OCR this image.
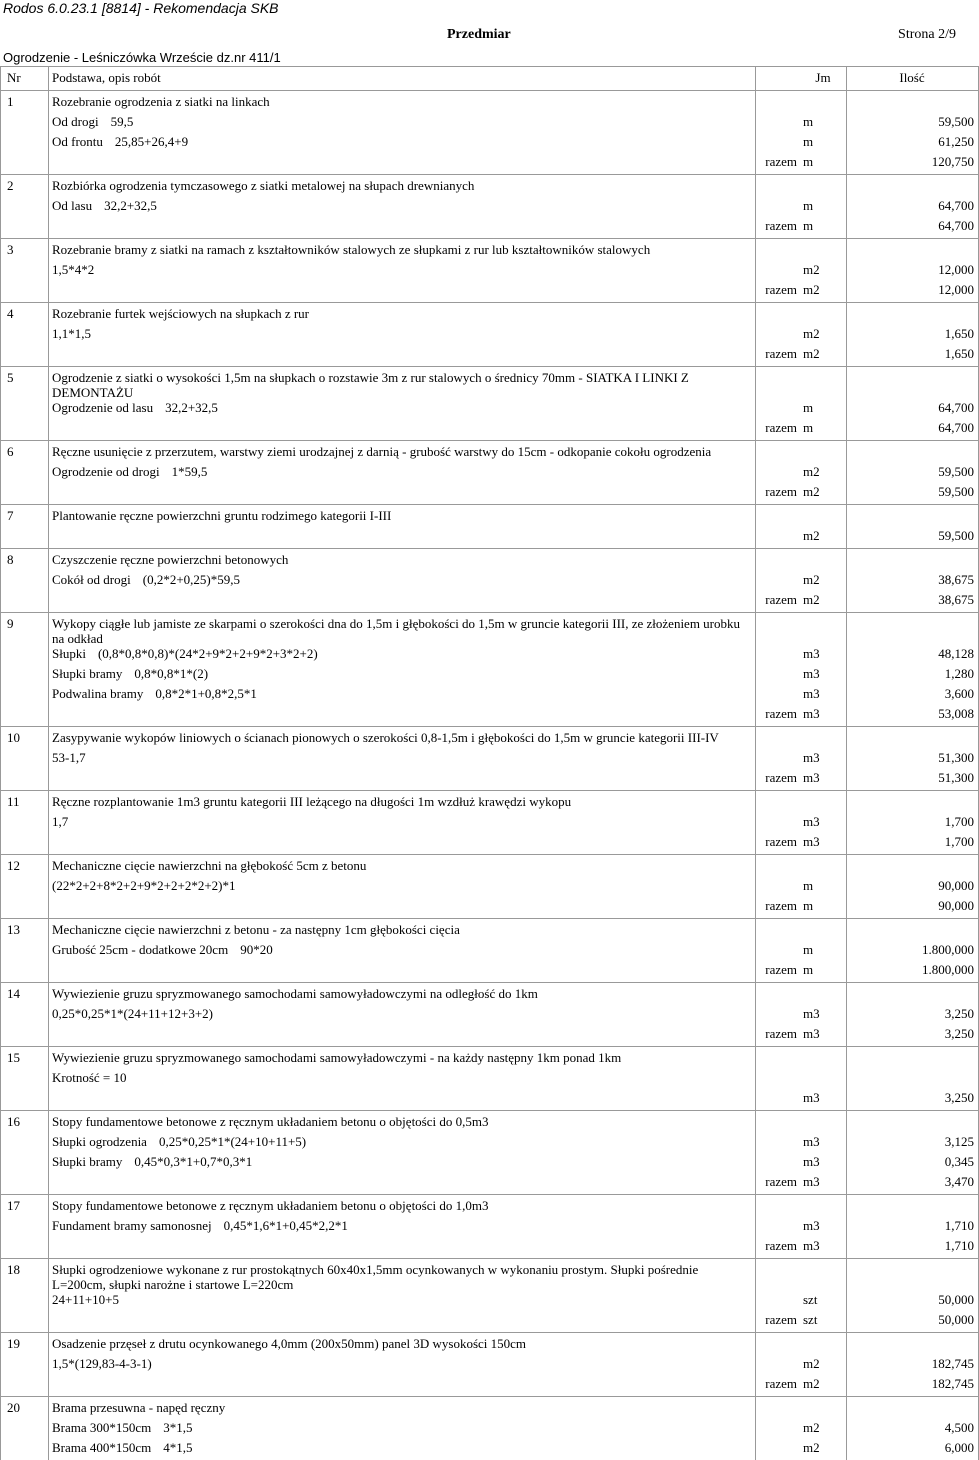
Rodos 6.0.23.1 [8814] - Rekomendacja SKB
Przedmiar	Strona 2/9
Ogrodzenie - Leśniczówka Wrzeście dz.nr 411/1
Nr	Podstawa, opis robót		Jm	Ilość
1	Rozebranie ogrodzenia z siatki na linkach			
	Od drogi 59,5		m	59,500
	Od frontu 25,85+26,4+9		m	61,250
		razem	m	120,750
2	Rozbiórka ogrodzenia tymczasowego z siatki metalowej na słupach drewnianych			
	Od lasu 32,2+32,5		m	64,700
		razem	m	64,700
3	Rozebranie bramy z siatki na ramach z kształtowników stalowych ze słupkami z rur lub kształtowników stalowych			
	1,5*4*2		m2	12,000
		razem	m2	12,000
4	Rozebranie furtek wejściowych na słupkach z rur			
	1,1*1,5		m2	1,650
		razem	m2	1,650
5	Ogrodzenie z siatki o wysokości 1,5m na słupkach o rozstawie 3m z rur stalowych o średnicy 70mm - SIATKA I LINKI Z DEMONTAŻU			
	Ogrodzenie od lasu 32,2+32,5		m	64,700
		razem	m	64,700
6	Ręczne usunięcie z przerzutem, warstwy ziemi urodzajnej z darnią - grubość warstwy do 15cm - odkopanie cokołu ogrodzenia			
	Ogrodzenie od drogi 1*59,5		m2	59,500
		razem	m2	59,500
7	Plantowanie ręczne powierzchni gruntu rodzimego kategorii I-III			
			m2	59,500
8	Czyszczenie ręczne powierzchni betonowych			
	Cokół od drogi (0,2*2+0,25)*59,5		m2	38,675
		razem	m2	38,675
9	Wykopy ciągłe lub jamiste ze skarpami o szerokości dna do 1,5m i głębokości do 1,5m w gruncie kategorii III, ze złożeniem urobku na odkład			
	Słupki (0,8*0,8*0,8)*(24*2+9*2+2+9*2+3*2+2)		m3	48,128
	Słupki bramy 0,8*0,8*1*(2)		m3	1,280
	Podwalina bramy 0,8*2*1+0,8*2,5*1		m3	3,600
		razem	m3	53,008
10	Zasypywanie wykopów liniowych o ścianach pionowych o szerokości 0,8-1,5m i głębokości do 1,5m w gruncie kategorii III-IV			
	53-1,7		m3	51,300
		razem	m3	51,300
11	Ręczne rozplantowanie 1m3 gruntu kategorii III leżącego na długości 1m wzdłuż krawędzi wykopu			
	1,7		m3	1,700
		razem	m3	1,700
12	Mechaniczne cięcie nawierzchni na głębokość 5cm z betonu			
	(22*2+2+8*2+2+9*2+2+2*2+2)*1		m	90,000
		razem	m	90,000
13	Mechaniczne cięcie nawierzchni z betonu - za następny 1cm głębokości cięcia			
	Grubość 25cm - dodatkowe 20cm 90*20		m	1.800,000
		razem	m	1.800,000
14	Wywiezienie gruzu spryzmowanego samochodami samowyładowczymi na odległość do 1km			
	0,25*0,25*1*(24+11+12+3+2)		m3	3,250
		razem	m3	3,250
15	Wywiezienie gruzu spryzmowanego samochodami samowyładowczymi - na każdy następny 1km ponad 1km			
	Krotność = 10			
			m3	3,250
16	Stopy fundamentowe betonowe z ręcznym układaniem betonu o objętości do 0,5m3			
	Słupki ogrodzenia 0,25*0,25*1*(24+10+11+5)		m3	3,125
	Słupki bramy 0,45*0,3*1+0,7*0,3*1		m3	0,345
		razem	m3	3,470
17	Stopy fundamentowe betonowe z ręcznym układaniem betonu o objętości do 1,0m3			
	Fundament bramy samonosnej 0,45*1,6*1+0,45*2,2*1		m3	1,710
		razem	m3	1,710
18	Słupki ogrodzeniowe wykonane z rur prostokątnych 60x40x1,5mm ocynkowanych w wykonaniu prostym. Słupki pośrednie L=200cm, słupki narożne i startowe L=220cm			
	24+11+10+5		szt	50,000
		razem	szt	50,000
19	Osadzenie przęseł z drutu ocynkowanego 4,0mm (200x50mm) panel 3D wysokości 150cm			
	1,5*(129,83-4-3-1)		m2	182,745
		razem	m2	182,745
20	Brama przesuwna - napęd ręczny			
	Brama 300*150cm 3*1,5		m2	4,500
	Brama 400*150cm 4*1,5		m2	6,000
